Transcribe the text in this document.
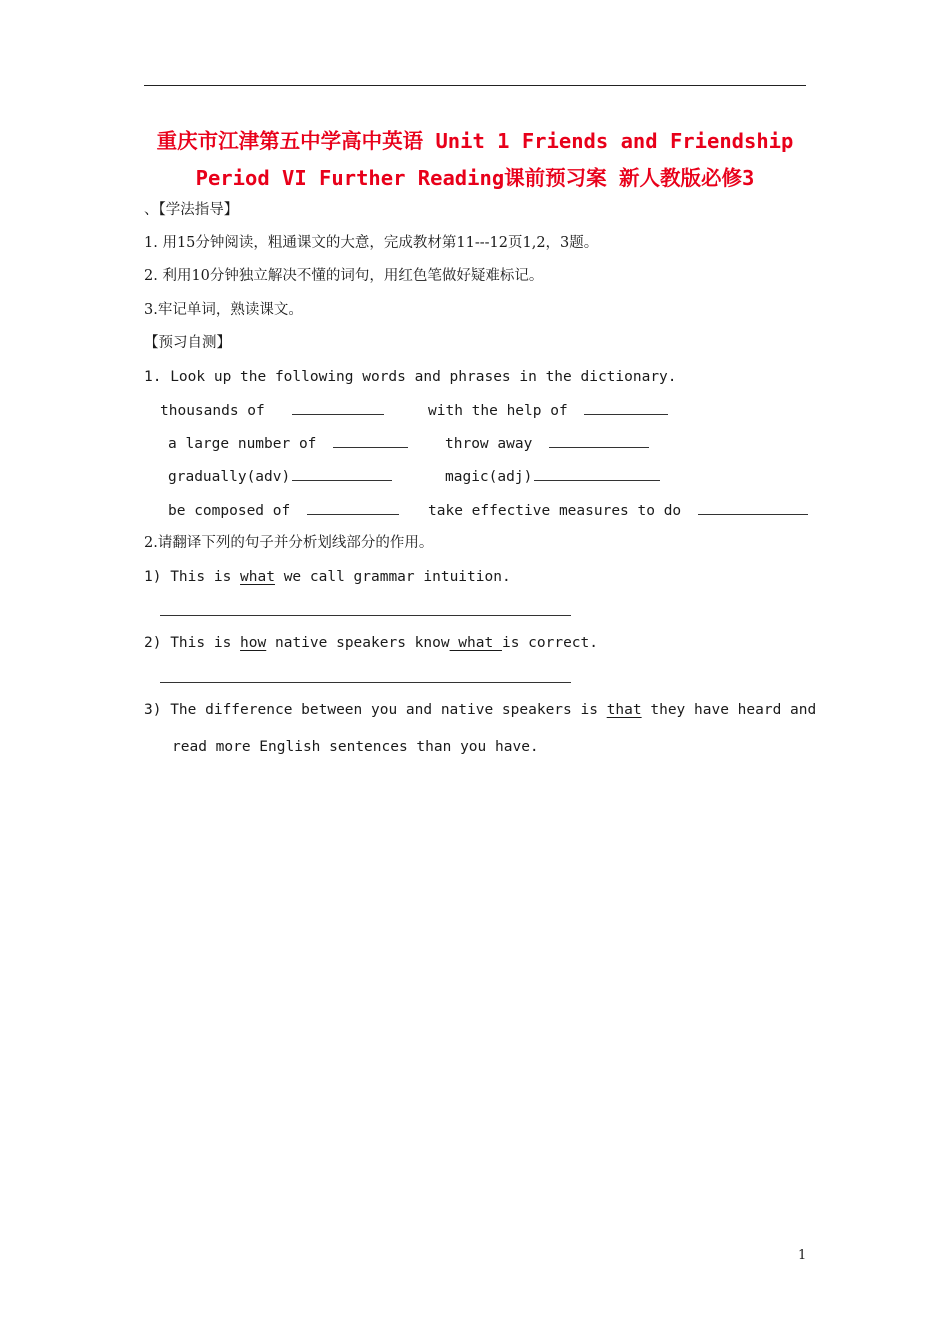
重庆市江津第五中学高中英语 Unit 1 Friends and Friendship
Period VI Further Reading课前预习案 新人教版必修3
、【学法指导】
1. 用15分钟阅读，粗通课文的大意，完成教材第11---12页1,2，3题。
2. 利用10分钟独立解决不懂的词句，用红色笔做好疑难标记。
3.牢记单词，熟读课文。
【预习自测】
1. Look up the following words and phrases in the dictionary.
thousands of	with the help of
a large number of	throw away
gradually(adv)	magic(adj)
be composed of	take effective measures to do
2.请翻译下列的句子并分析划线部分的作用。
1) This is what we call grammar intuition.
2) This is how native speakers know what is correct.
3) The difference between you and native speakers is that they have heard and
read more English sentences than you have.
1
